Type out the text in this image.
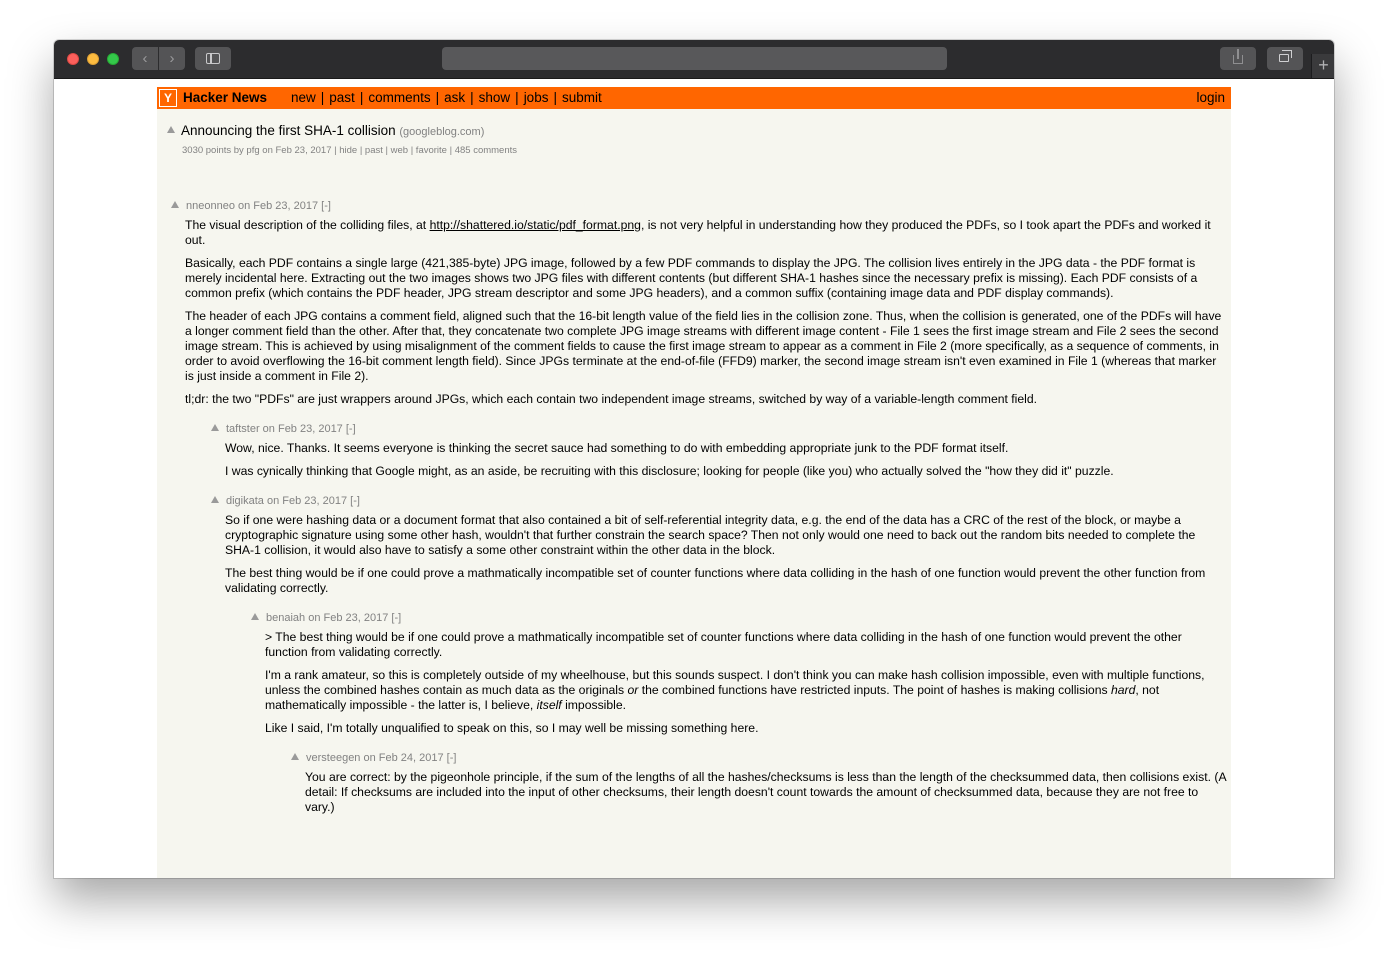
‹	›	+
Y Hacker News new | past | comments | ask | show | jobs | submit	login
Announcing the first SHA-1 collision (googleblog.com)
3030 points by pfg on Feb 23, 2017 | hide | past | web | favorite | 485 comments
nneonneo on Feb 23, 2017 [-]

The visual description of the colliding files, at http://shattered.io/static/pdf_format.png, is not very helpful in understanding how they produced the PDFs, so I took apart the PDFs and worked it out.

Basically, each PDF contains a single large (421,385-byte) JPG image, followed by a few PDF commands to display the JPG. The collision lives entirely in the JPG data - the PDF format is merely incidental here. Extracting out the two images shows two JPG files with different contents (but different SHA-1 hashes since the necessary prefix is missing). Each PDF consists of a common prefix (which contains the PDF header, JPG stream descriptor and some JPG headers), and a common suffix (containing image data and PDF display commands).

The header of each JPG contains a comment field, aligned such that the 16-bit length value of the field lies in the collision zone. Thus, when the collision is generated, one of the PDFs will have a longer comment field than the other. After that, they concatenate two complete JPG image streams with different image content - File 1 sees the first image stream and File 2 sees the second image stream. This is achieved by using misalignment of the comment fields to cause the first image stream to appear as a comment in File 2 (more specifically, as a sequence of comments, in order to avoid overflowing the 16-bit comment length field). Since JPGs terminate at the end-of-file (FFD9) marker, the second image stream isn't even examined in File 1 (whereas that marker is just inside a comment in File 2).

tl;dr: the two "PDFs" are just wrappers around JPGs, which each contain two independent image streams, switched by way of a variable-length comment field.

taftster on Feb 23, 2017 [-]

Wow, nice. Thanks. It seems everyone is thinking the secret sauce had something to do with embedding appropriate junk to the PDF format itself.

I was cynically thinking that Google might, as an aside, be recruiting with this disclosure; looking for people (like you) who actually solved the "how they did it" puzzle.

digikata on Feb 23, 2017 [-]

So if one were hashing data or a document format that also contained a bit of self-referential integrity data, e.g. the end of the data has a CRC of the rest of the block, or maybe a cryptographic signature using some other hash, wouldn't that further constrain the search space? Then not only would one need to back out the random bits needed to complete the SHA-1 collision, it would also have to satisfy a some other constraint within the other data in the block.

The best thing would be if one could prove a mathmatically incompatible set of counter functions where data colliding in the hash of one function would prevent the other function from validating correctly.

benaiah on Feb 23, 2017 [-]

> The best thing would be if one could prove a mathmatically incompatible set of counter functions where data colliding in the hash of one function would prevent the other function from validating correctly.

I'm a rank amateur, so this is completely outside of my wheelhouse, but this sounds suspect. I don't think you can make hash collision impossible, even with multiple functions, unless the combined hashes contain as much data as the originals or the combined functions have restricted inputs. The point of hashes is making collisions hard, not mathematically impossible - the latter is, I believe, itself impossible.

Like I said, I'm totally unqualified to speak on this, so I may well be missing something here.

versteegen on Feb 24, 2017 [-]

You are correct: by the pigeonhole principle, if the sum of the lengths of all the hashes/checksums is less than the length of the checksummed data, then collisions exist. (A detail: If checksums are included into the input of other checksums, their length doesn't count towards the amount of checksummed data, because they are not free to vary.)
